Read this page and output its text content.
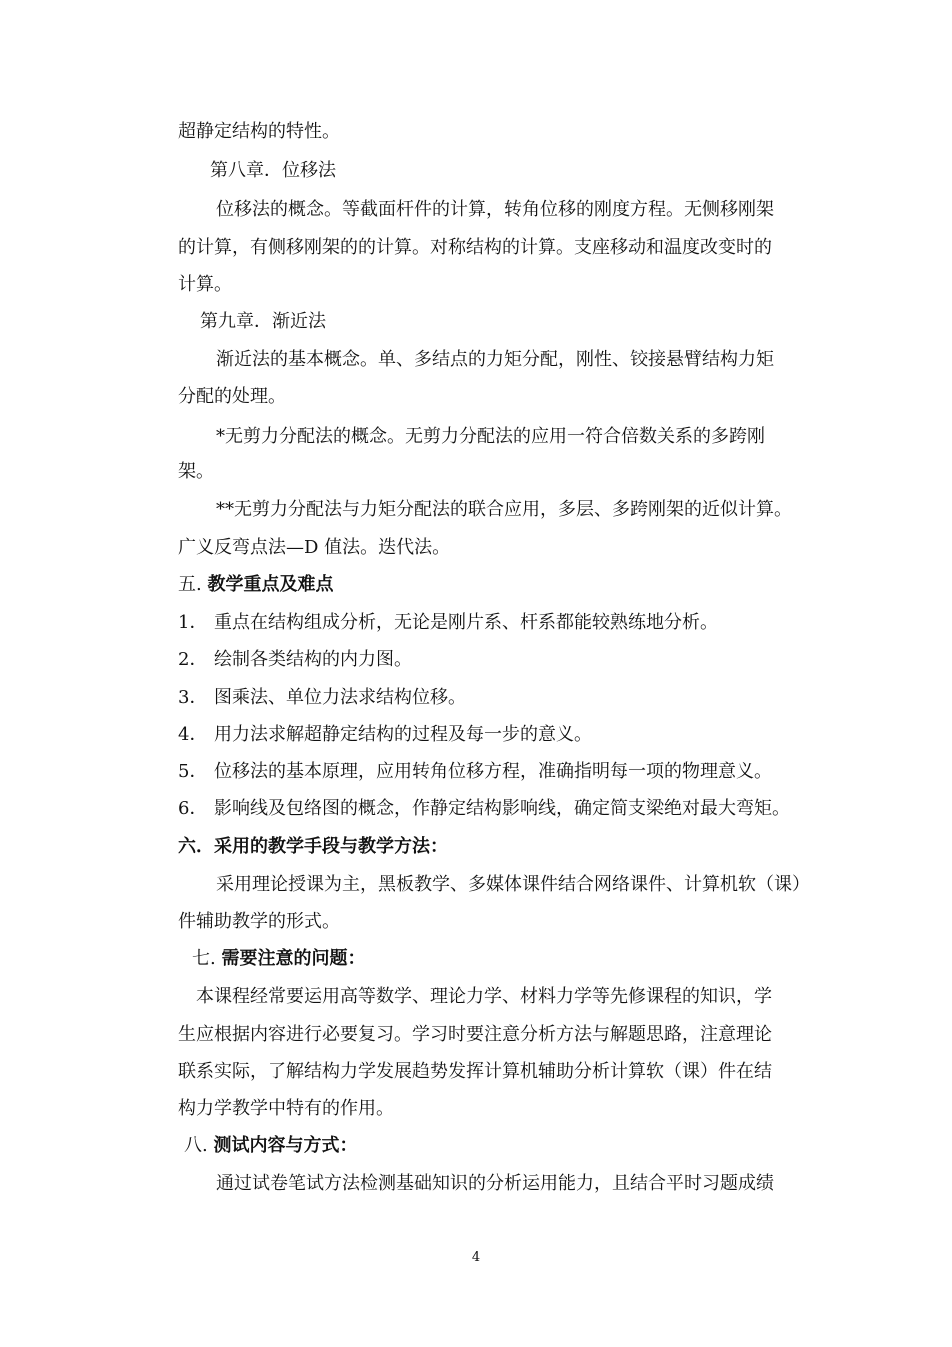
超静定结构的特性。
第八章．位移法
位移法的概念。等截面杆件的计算，转角位移的刚度方程。无侧移刚架
的计算，有侧移刚架的的计算。对称结构的计算。支座移动和温度改变时的
计算。
第九章．渐近法
渐近法的基本概念。单、多结点的力矩分配，刚性、铰接悬臂结构力矩
分配的处理。
*无剪力分配法的概念。无剪力分配法的应用一符合倍数关系的多跨刚
架。
**无剪力分配法与力矩分配法的联合应用，多层、多跨刚架的近似计算。
广义反弯点法—D 值法。迭代法。
五. 教学重点及难点
1． 重点在结构组成分析，无论是刚片系、杆系都能较熟练地分析。
2． 绘制各类结构的内力图。
3． 图乘法、单位力法求结构位移。
4． 用力法求解超静定结构的过程及每一步的意义。
5． 位移法的基本原理，应用转角位移方程，准确指明每一项的物理意义。
6． 影响线及包络图的概念，作静定结构影响线，确定简支梁绝对最大弯矩。
六．采用的教学手段与教学方法：
采用理论授课为主，黑板教学、多媒体课件结合网络课件、计算机软（课）
件辅助教学的形式。
七. 需要注意的问题：
本课程经常要运用高等数学、理论力学、材料力学等先修课程的知识，学
生应根据内容进行必要复习。学习时要注意分析方法与解题思路，注意理论
联系实际，了解结构力学发展趋势发挥计算机辅助分析计算软（课）件在结
构力学教学中特有的作用。
八. 测试内容与方式：
通过试卷笔试方法检测基础知识的分析运用能力，且结合平时习题成绩
4
